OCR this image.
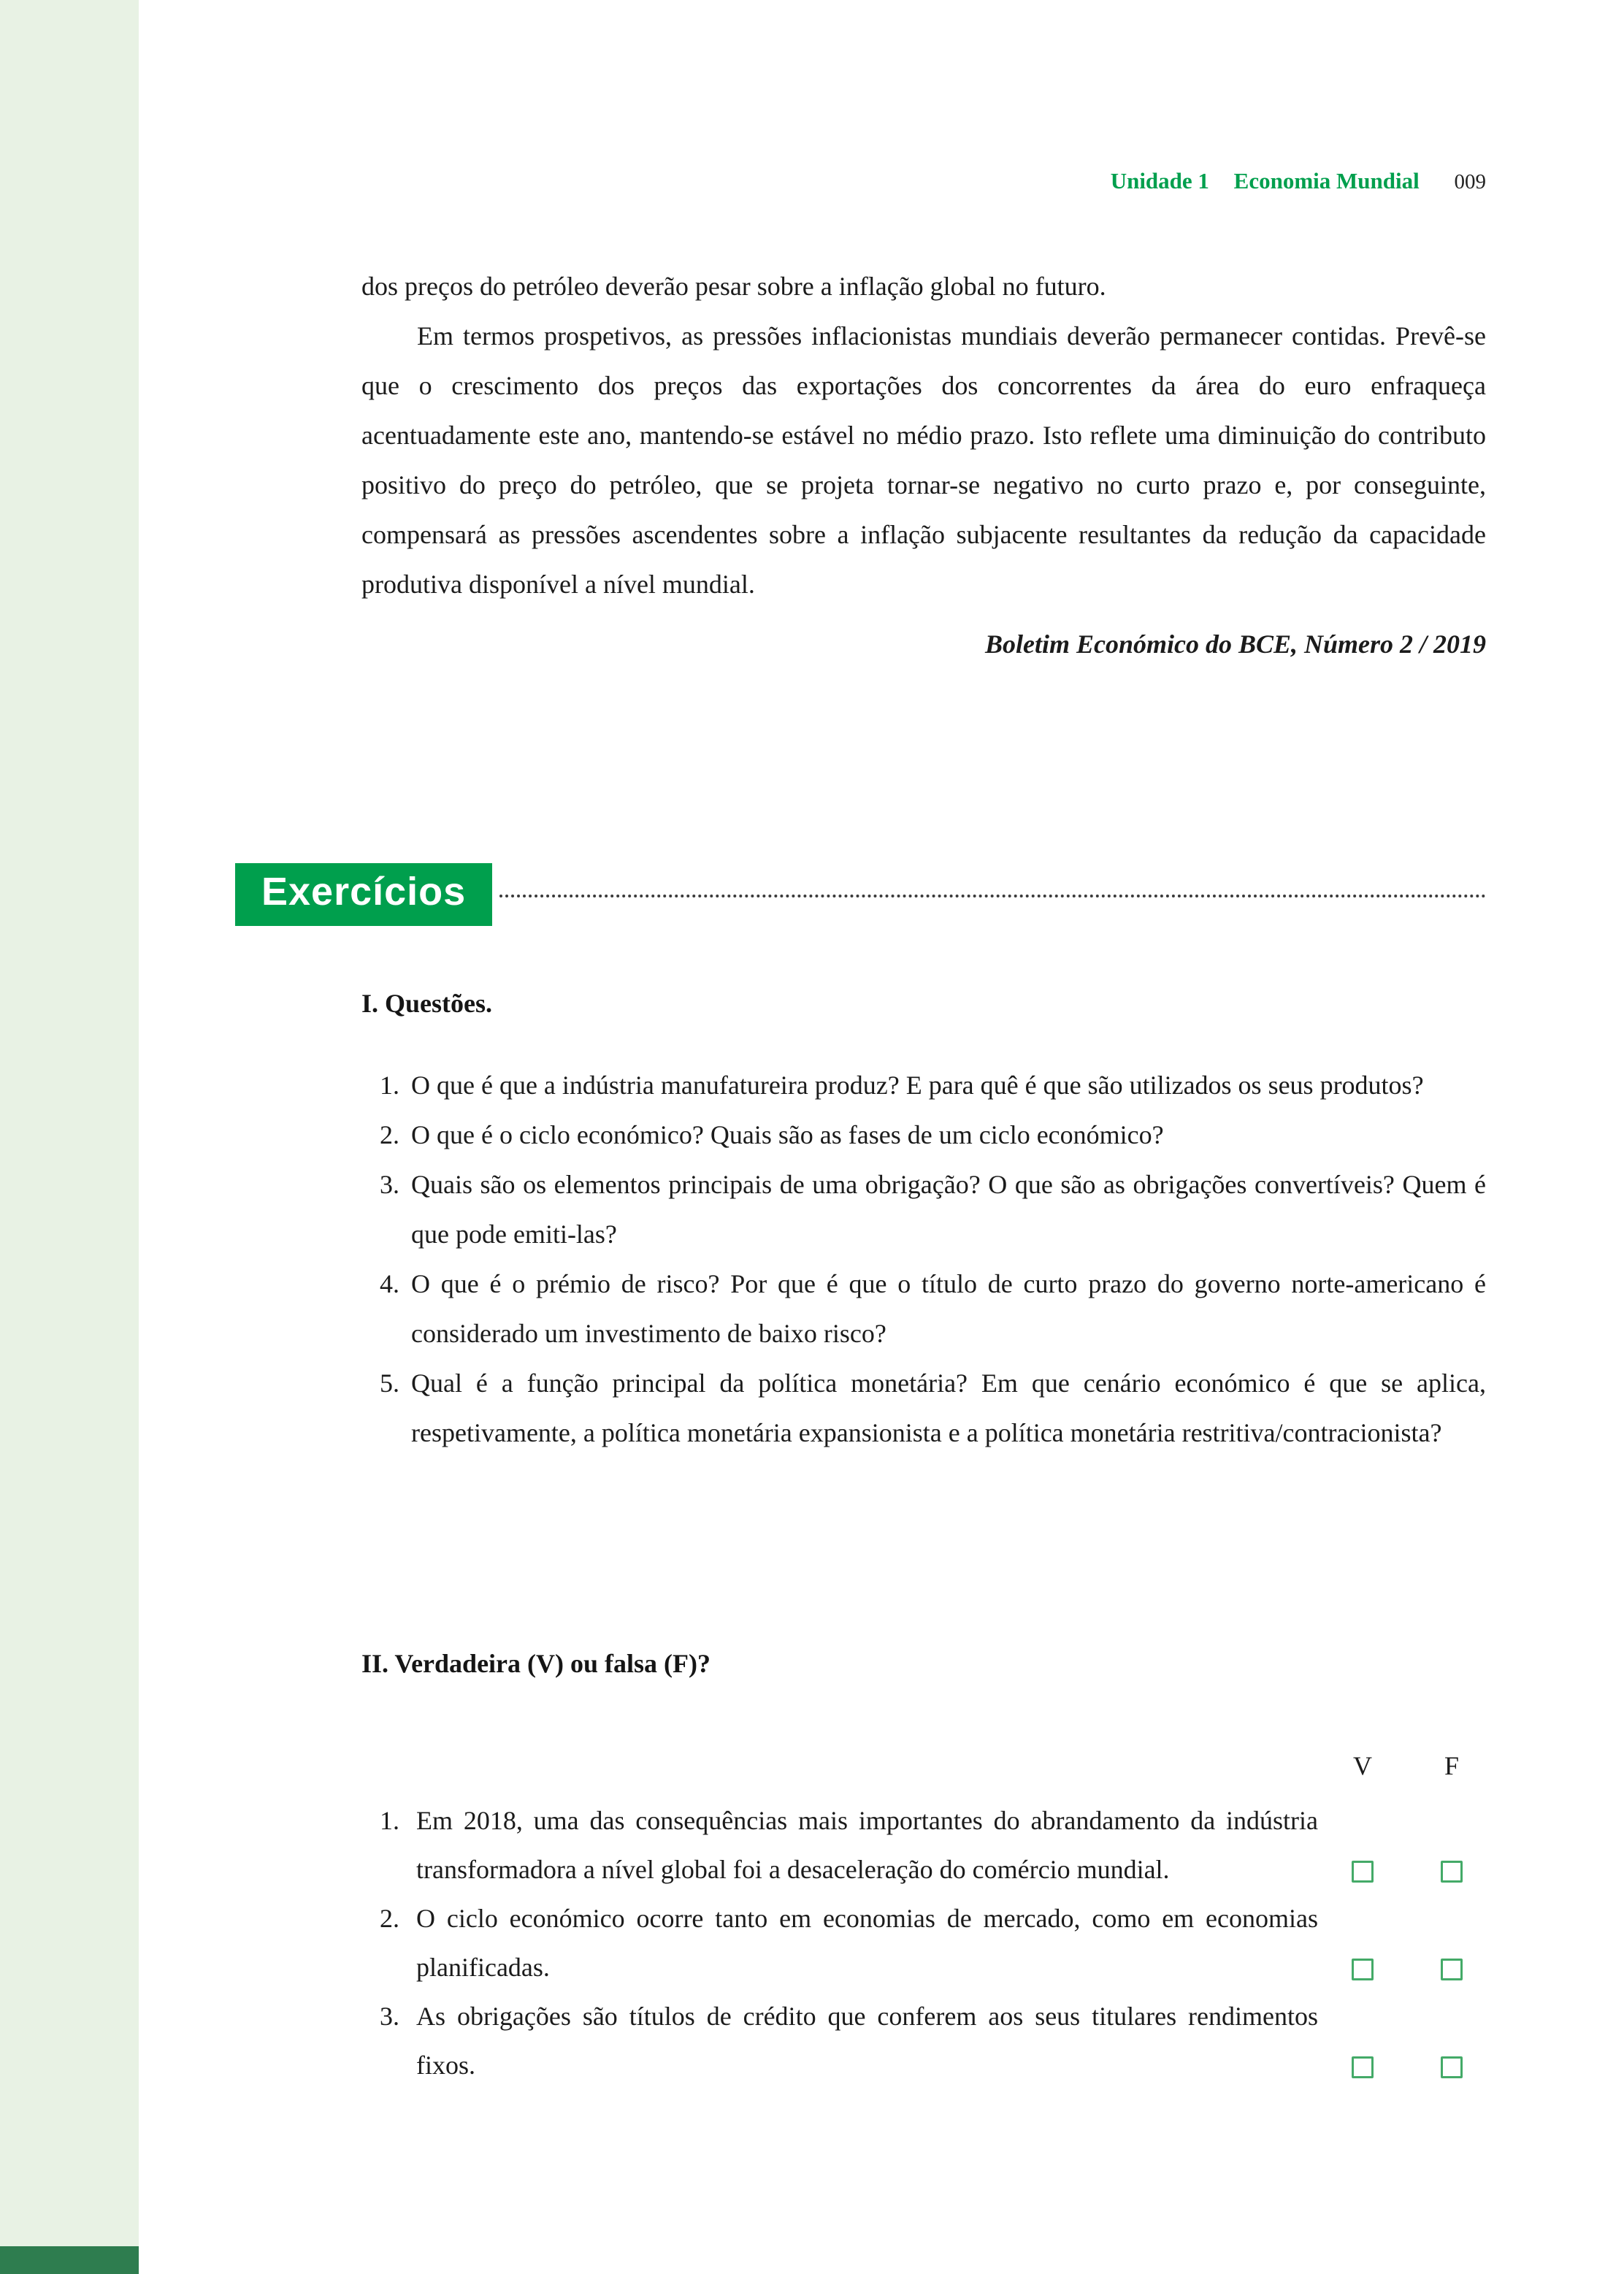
Unidade 1 Economia Mundial 009

dos preços do petróleo deverão pesar sobre a inflação global no futuro.

Em termos prospetivos, as pressões inflacionistas mundiais deverão permanecer contidas. Prevê-se que o crescimento dos preços das exportações dos concorrentes da área do euro enfraqueça acentuadamente este ano, mantendo-se estável no médio prazo. Isto reflete uma diminuição do contributo positivo do preço do petróleo, que se projeta tornar-se negativo no curto prazo e, por conseguinte, compensará as pressões ascendentes sobre a inflação subjacente resultantes da redução da capacidade produtiva disponível a nível mundial.

Boletim Económico do BCE, Número 2 / 2019

Exercícios
I. Questões.
1. O que é que a indústria manufatureira produz? E para quê é que são utilizados os seus produtos?
2. O que é o ciclo económico? Quais são as fases de um ciclo económico?
3. Quais são os elementos principais de uma obrigação? O que são as obrigações convertíveis? Quem é que pode emiti-las?
4. O que é o prémio de risco? Por que é que o título de curto prazo do governo norte-americano é considerado um investimento de baixo risco?
5. Qual é a função principal da política monetária? Em que cenário económico é que se aplica, respetivamente, a política monetária expansionista e a política monetária restritiva/contracionista?
II. Verdadeira (V) ou falsa (F)?
V	F
1. Em 2018, uma das consequências mais importantes do abrandamento da indústria transformadora a nível global foi a desaceleração do comércio mundial.
2. O ciclo económico ocorre tanto em economias de mercado, como em economias planificadas.
3. As obrigações são títulos de crédito que conferem aos seus titulares rendimentos fixos.
